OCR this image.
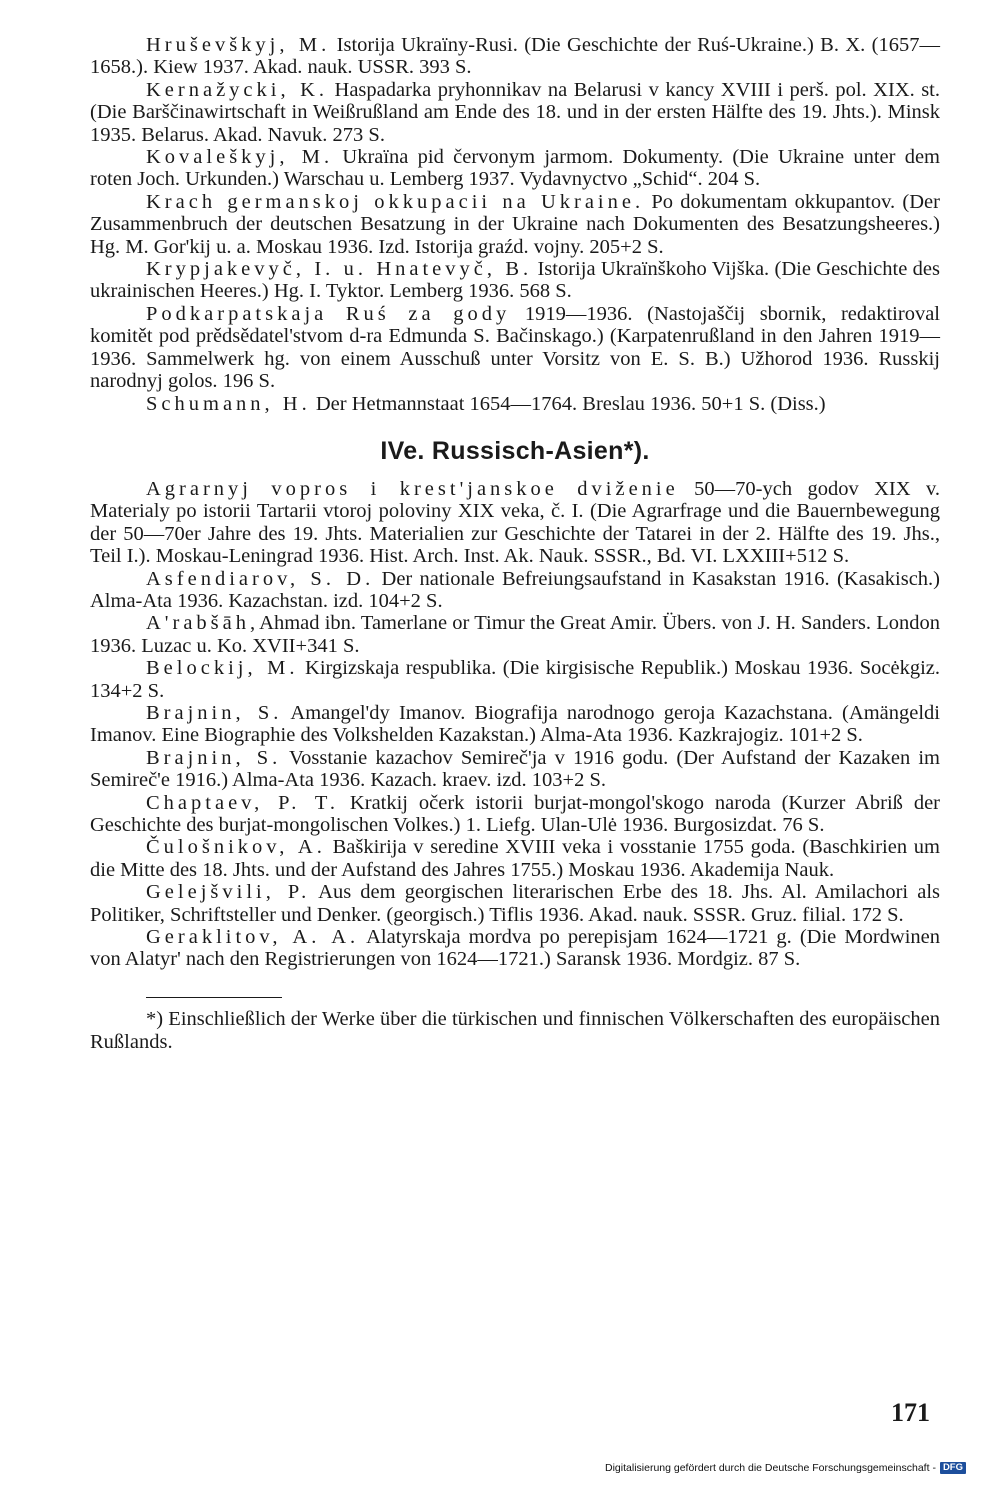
Hruševškyj, M. Istorija Ukraïny-Rusi. (Die Geschichte der Ruś-Ukraine.) B. X. (1657—1658.). Kiew 1937. Akad. nauk. USSR. 393 S.

Kernažycki, K. Haspadarka pryhonnikav na Belarusi v kancy XVIII i perš. pol. XIX. st. (Die Barščinawirtschaft in Weißrußland am Ende des 18. und in der ersten Hälfte des 19. Jhts.). Minsk 1935. Belarus. Akad. Navuk. 273 S.

Kovaleškyj, M. Ukraïna pid červonym jarmom. Dokumenty. (Die Ukraine unter dem roten Joch. Urkunden.) Warschau u. Lemberg 1937. Vydavnyctvo „Schid“. 204 S.

Krach germanskoj okkupacii na Ukraine. Po dokumentam okkupantov. (Der Zusammenbruch der deutschen Besatzung in der Ukraine nach Dokumenten des Besatzungsheeres.) Hg. M. Gor'kij u. a. Moskau 1936. Izd. Istorija graźd. vojny. 205+2 S.

Krypjakevyč, I. u. Hnatevyč, B. Istorija Ukraïnškoho Vijška. (Die Geschichte des ukrainischen Heeres.) Hg. I. Tyktor. Lemberg 1936. 568 S.

Podkarpatskaja Ruś za gody 1919—1936. (Nastojaščij sbornik, redaktiroval komitět pod prědsědatel'stvom d-ra Edmunda S. Bačinskago.) (Karpatenrußland in den Jahren 1919—1936. Sammelwerk hg. von einem Ausschuß unter Vorsitz von E. S. B.) Užhorod 1936. Russkij narodnyj golos. 196 S.

Schumann, H. Der Hetmannstaat 1654—1764. Breslau 1936. 50+1 S. (Diss.)

IVe. Russisch-Asien*).

Agrarnyj vopros i krest'janskoe dviženie 50—70-ych godov XIX v. Materialy po istorii Tartarii vtoroj poloviny XIX veka, č. I. (Die Agrarfrage und die Bauernbewegung der 50—70er Jahre des 19. Jhts. Materialien zur Geschichte der Tatarei in der 2. Hälfte des 19. Jhs., Teil I.). Moskau-Leningrad 1936. Hist. Arch. Inst. Ak. Nauk. SSSR., Bd. VI. LXXIII+512 S.

Asfendiarov, S. D. Der nationale Befreiungsaufstand in Kasakstan 1916. (Kasakisch.) Alma-Ata 1936. Kazachstan. izd. 104+2 S.

A'rabšāh,Ahmad ibn. Tamerlane or Timur the Great Amir. Übers. von J. H. Sanders. London 1936. Luzac u. Ko. XVII+341 S.

Belockij, M. Kirgizskaja respublika. (Die kirgisische Republik.) Moskau 1936. Socėkgiz. 134+2 S.

Brajnin, S. Amangel'dy Imanov. Biografija narodnogo geroja Kazachstana. (Amängeldi Imanov. Eine Biographie des Volkshelden Kazakstan.) Alma-Ata 1936. Kazkrajogiz. 101+2 S.

Brajnin, S. Vosstanie kazachov Semireč'ja v 1916 godu. (Der Aufstand der Kazaken im Semireč'e 1916.) Alma-Ata 1936. Kazach. kraev. izd. 103+2 S.

Chaptaev, P. T. Kratkij očerk istorii burjat-mongol'skogo naroda (Kurzer Abriß der Geschichte des burjat-mongolischen Volkes.) 1. Liefg. Ulan-Ulė 1936. Burgosizdat. 76 S.

Čulošnikov, A. Baškirija v seredine XVIII veka i vosstanie 1755 goda. (Baschkirien um die Mitte des 18. Jhts. und der Aufstand des Jahres 1755.) Moskau 1936. Akademija Nauk.

Gelejšvili, P. Aus dem georgischen literarischen Erbe des 18. Jhs. Al. Amilachori als Politiker, Schriftsteller und Denker. (georgisch.) Tiflis 1936. Akad. nauk. SSSR. Gruz. filial. 172 S.

Geraklitov, A. A. Alatyrskaja mordva po perepisjam 1624—1721 g. (Die Mordwinen von Alatyr' nach den Registrierungen von 1624—1721.) Saransk 1936. Mordgiz. 87 S.

*) Einschließlich der Werke über die türkischen und finnischen Völkerschaften des europäischen Rußlands.

171
Digitalisierung gefördert durch die Deutsche Forschungsgemeinschaft - DFG
